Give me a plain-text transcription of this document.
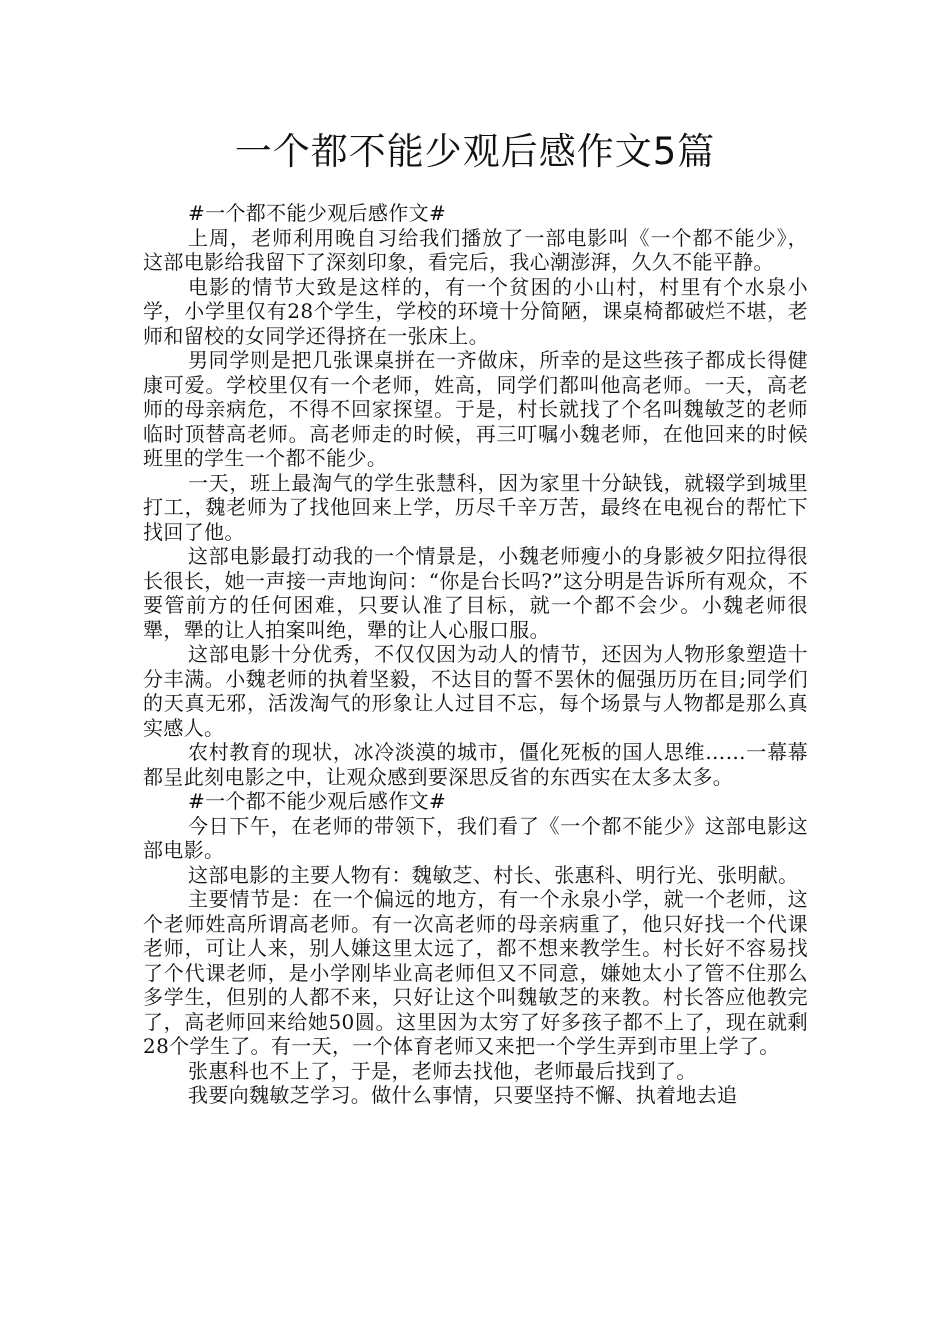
一个都不能少观后感作文5篇

#一个都不能少观后感作文#

上周，老师利用晚自习给我们播放了一部电影叫《一个都不能少》，这部电影给我留下了深刻印象，看完后，我心潮澎湃，久久不能平静。

电影的情节大致是这样的，有一个贫困的小山村，村里有个水泉小学，小学里仅有28个学生，学校的环境十分简陋，课桌椅都破烂不堪，老师和留校的女同学还得挤在一张床上。

男同学则是把几张课桌拼在一齐做床，所幸的是这些孩子都成长得健康可爱。学校里仅有一个老师，姓高，同学们都叫他高老师。一天，高老师的母亲病危，不得不回家探望。于是，村长就找了个名叫魏敏芝的老师临时顶替高老师。高老师走的时候，再三叮嘱小魏老师，在他回来的时候班里的学生一个都不能少。

一天，班上最淘气的学生张慧科，因为家里十分缺钱，就辍学到城里打工，魏老师为了找他回来上学，历尽千辛万苦，最终在电视台的帮忙下找回了他。

这部电影最打动我的一个情景是，小魏老师瘦小的身影被夕阳拉得很长很长，她一声接一声地询问：“你是台长吗?”这分明是告诉所有观众，不要管前方的任何困难，只要认准了目标，就一个都不会少。小魏老师很犟，犟的让人拍案叫绝，犟的让人心服口服。

这部电影十分优秀，不仅仅因为动人的情节，还因为人物形象塑造十分丰满。小魏老师的执着坚毅，不达目的誓不罢休的倔强历历在目;同学们的天真无邪，活泼淘气的形象让人过目不忘，每个场景与人物都是那么真实感人。

农村教育的现状，冰冷淡漠的城市，僵化死板的国人思维……一幕幕都呈此刻电影之中，让观众感到要深思反省的东西实在太多太多。

#一个都不能少观后感作文#

今日下午，在老师的带领下，我们看了《一个都不能少》这部电影这部电影。

这部电影的主要人物有：魏敏芝、村长、张惠科、明行光、张明献。

主要情节是：在一个偏远的地方，有一个永泉小学，就一个老师，这个老师姓高所谓高老师。有一次高老师的母亲病重了，他只好找一个代课老师，可让人来，别人嫌这里太远了，都不想来教学生。村长好不容易找了个代课老师，是小学刚毕业高老师但又不同意，嫌她太小了管不住那么多学生，但别的人都不来，只好让这个叫魏敏芝的来教。村长答应他教完了，高老师回来给她50圆。这里因为太穷了好多孩子都不上了，现在就剩28个学生了。有一天，一个体育老师又来把一个学生弄到市里上学了。

张惠科也不上了，于是，老师去找他，老师最后找到了。

我要向魏敏芝学习。做什么事情，只要坚持不懈、执着地去追
